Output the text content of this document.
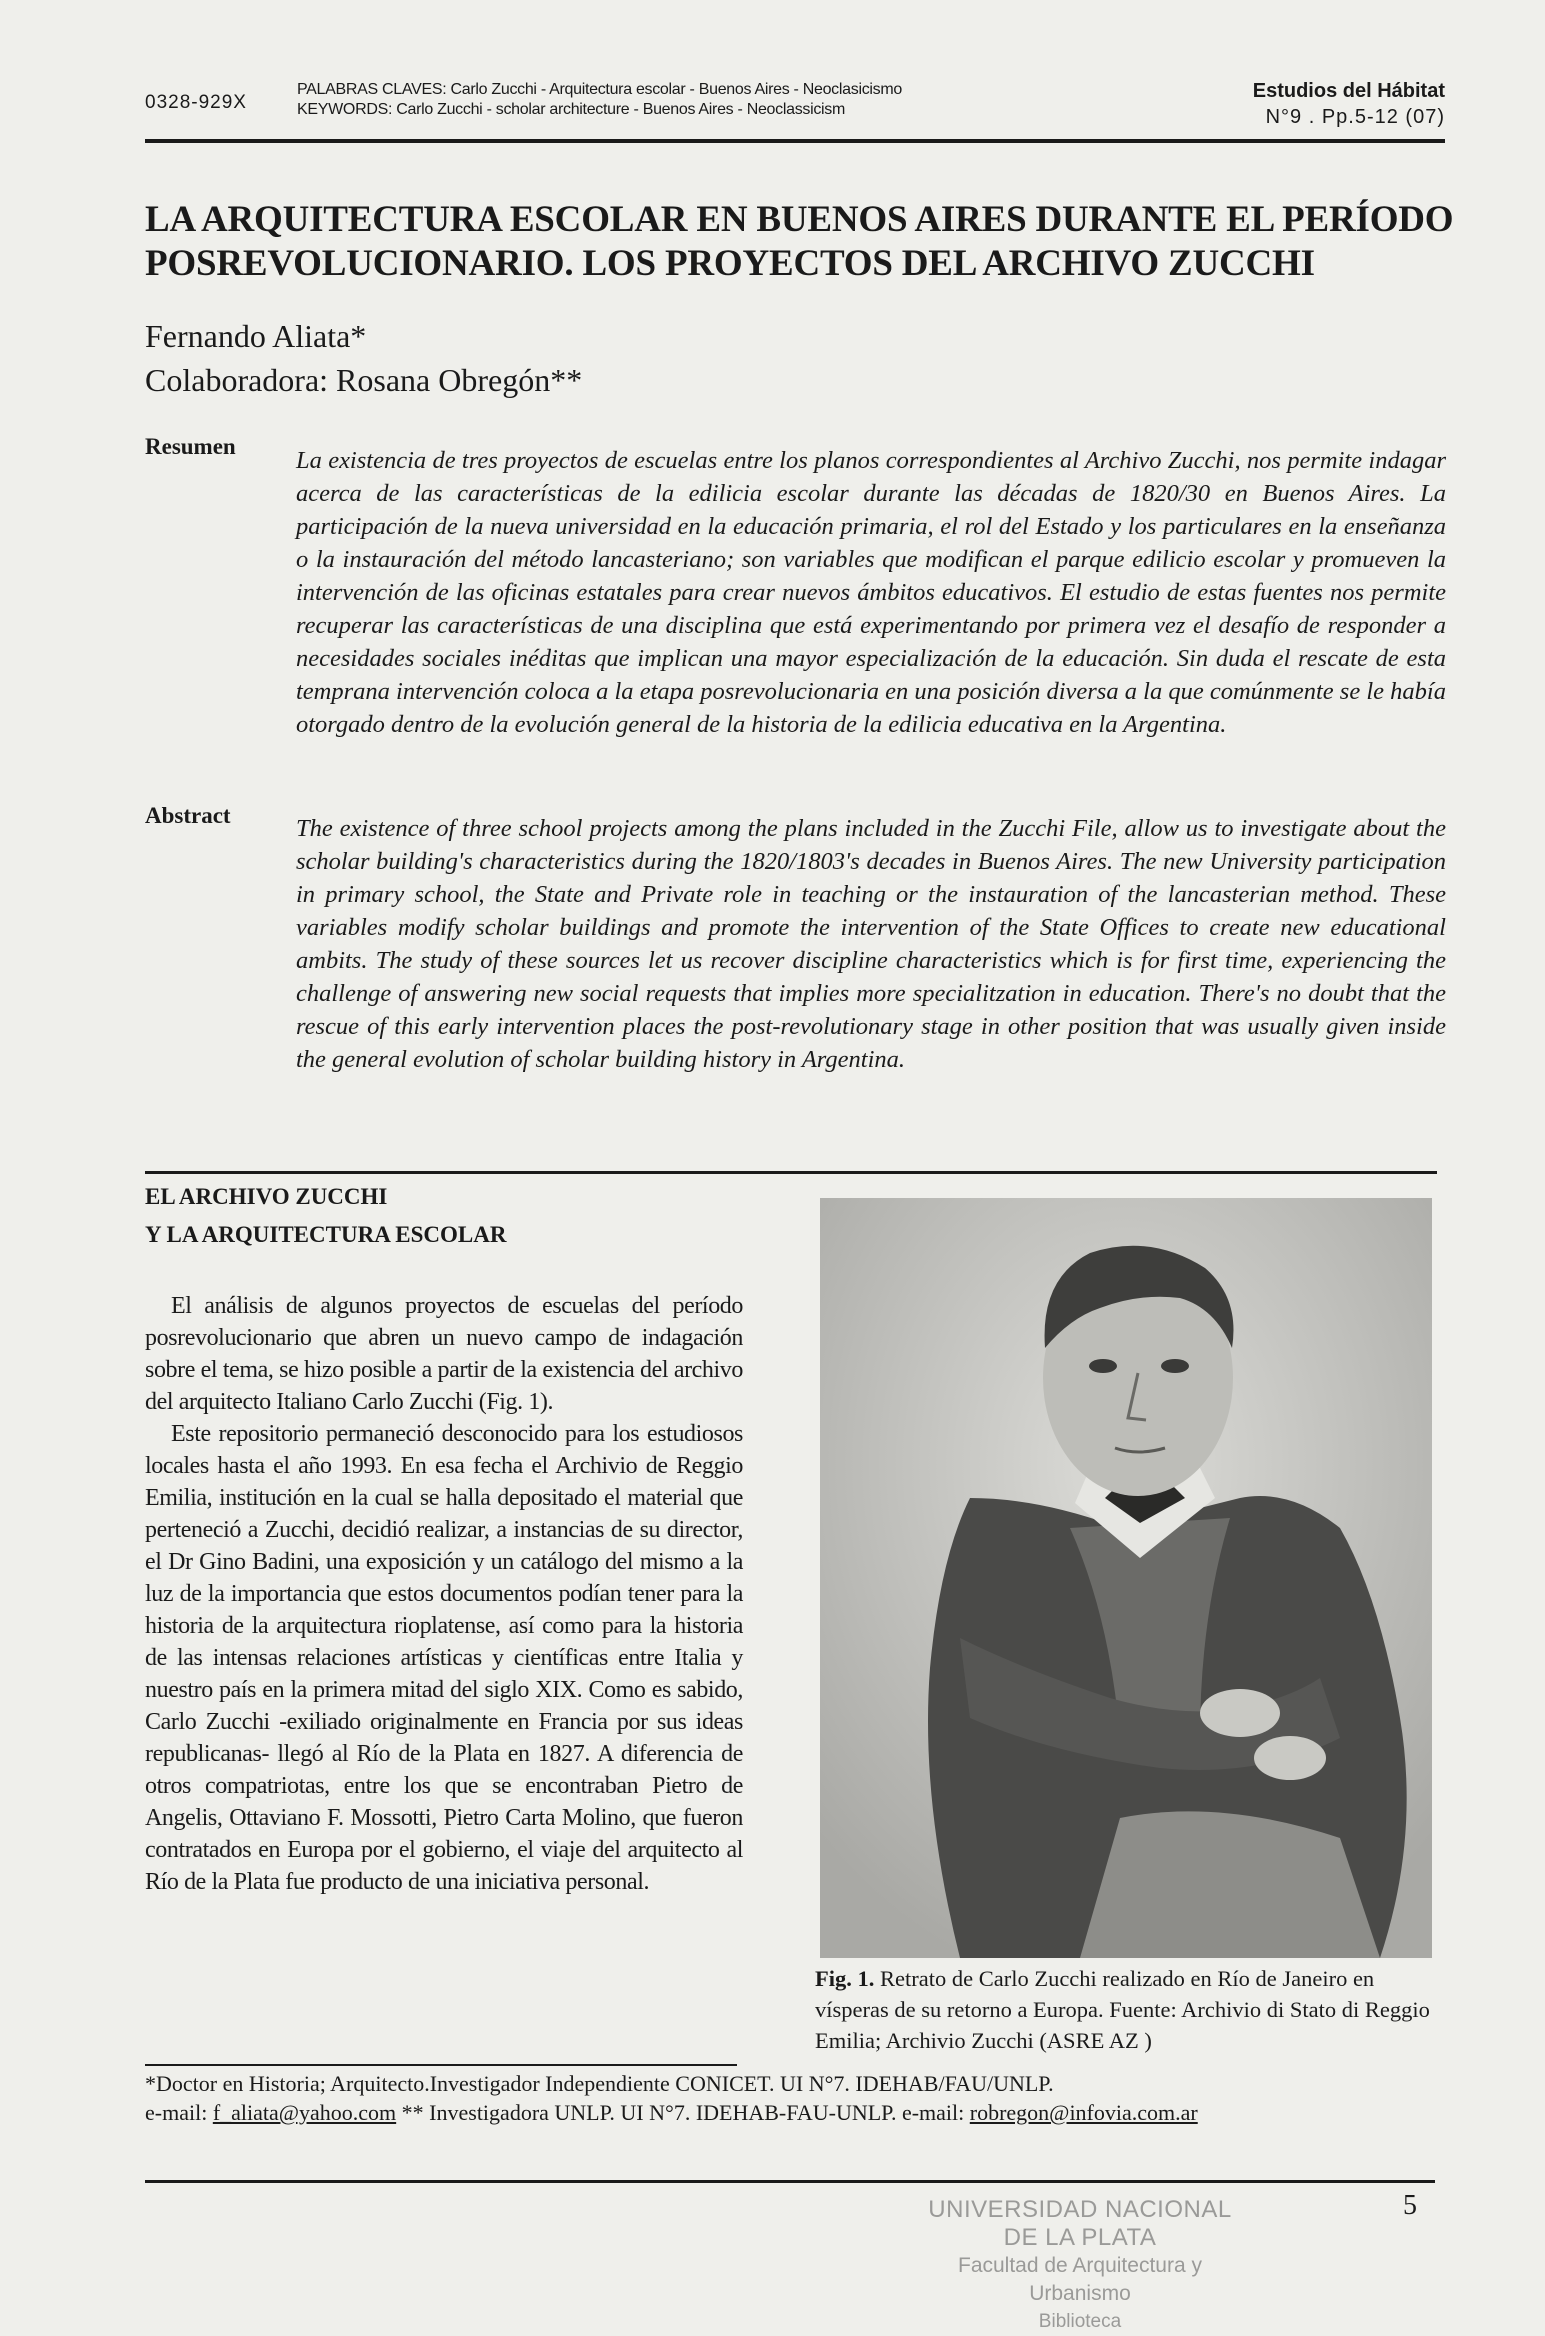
0328-929X
PALABRAS CLAVES: Carlo Zucchi - Arquitectura escolar - Buenos Aires - Neoclasicismo
KEYWORDS: Carlo Zucchi - scholar architecture - Buenos Aires - Neoclassicism
Estudios del Hábitat
N°9 . Pp.5-12 (07)
LA ARQUITECTURA ESCOLAR EN BUENOS AIRES DURANTE EL PERÍODO
POSREVOLUCIONARIO. LOS PROYECTOS DEL ARCHIVO ZUCCHI
Fernando Aliata*
Colaboradora: Rosana Obregón**
Resumen
La existencia de tres proyectos de escuelas entre los planos correspondientes al Archivo Zucchi, nos permite indagar acerca de las características de la edilicia escolar durante las décadas de 1820/30 en Buenos Aires. La participación de la nueva universidad en la educación primaria, el rol del Estado y los particulares en la enseñanza o la instauración del método lancasteriano; son variables que modifican el parque edilicio escolar y promueven la intervención de las oficinas estatales para crear nuevos ámbitos educativos. El estudio de estas fuentes nos permite recuperar las características de una disciplina que está experimentando por primera vez el desafío de responder a necesidades sociales inéditas que implican una mayor especialización de la educación. Sin duda el rescate de esta temprana intervención coloca a la etapa posrevolucionaria en una posición diversa a la que comúnmente se le había otorgado dentro de la evolución general de la historia de la edilicia educativa en la Argentina.
Abstract	The existence of three school projects among the plans included in the Zucchi File, allow us to investigate about the scholar building's characteristics during the 1820/1803's decades in Buenos Aires. The new University participation in primary school, the State and Private role in teaching or the instauration of the lancasterian method. These variables modify scholar buildings and promote the intervention of the State Offices to create new educational ambits. The study of these sources let us recover discipline characteristics which is for first time, experiencing the challenge of answering new social requests that implies more specialitzation in education. There's no doubt that the rescue of this early intervention places the post-revolutionary stage in other position that was usually given inside the general evolution of scholar building history in Argentina.
EL ARCHIVO ZUCCHI
Y LA ARQUITECTURA ESCOLAR

El análisis de algunos proyectos de escuelas del período posrevolucionario que abren un nuevo campo de indagación sobre el tema, se hizo posible a partir de la existencia del archivo del arquitecto Italiano Carlo Zucchi (Fig. 1).

Este repositorio permaneció desconocido para los estudiosos locales hasta el año 1993. En esa fecha el Archivio de Reggio Emilia, institución en la cual se halla depositado el material que perteneció a Zucchi, decidió realizar, a instancias de su director, el Dr Gino Badini, una exposición y un catálogo del mismo a la luz de la importancia que estos documentos podían tener para la historia de la arquitectura rioplatense, así como para la historia de las intensas relaciones artísticas y científicas entre Italia y nuestro país en la primera mitad del siglo XIX. Como es sabido, Carlo Zucchi -exiliado originalmente en Francia por sus ideas republicanas- llegó al Río de la Plata en 1827. A diferencia de otros compatriotas, entre los que se encontraban Pietro de Angelis, Ottaviano F. Mossotti, Pietro Carta Molino, que fueron contratados en Europa por el gobierno, el viaje del arquitecto al Río de la Plata fue producto de una iniciativa personal.

Fig. 1. Retrato de Carlo Zucchi realizado en Río de Janeiro en vísperas de su retorno a Europa. Fuente: Archivio di Stato di Reggio Emilia; Archivio Zucchi (ASRE AZ )
*Doctor en Historia; Arquitecto.Investigador Independiente CONICET. UI N°7. IDEHAB/FAU/UNLP.
e-mail: f_aliata@yahoo.com ** Investigadora UNLP. UI N°7. IDEHAB-FAU-UNLP. e-mail: robregon@infovia.com.ar
UNIVERSIDAD NACIONAL DE LA PLATA
Facultad de Arquitectura y Urbanismo
Biblioteca
5
